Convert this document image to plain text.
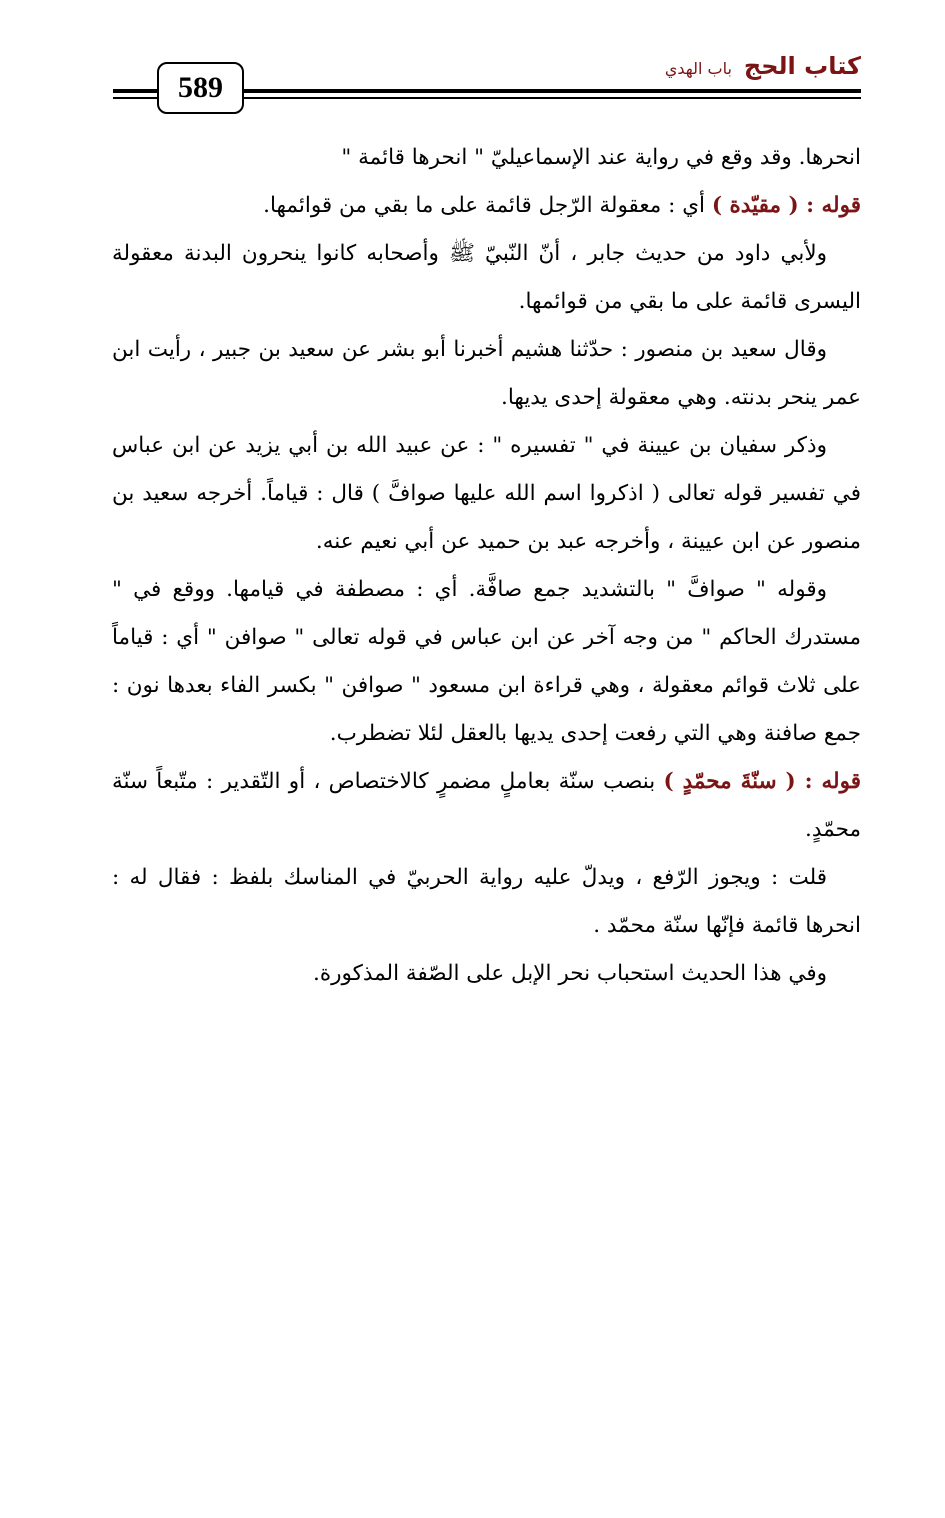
كتاب الحج
باب الهدي
589

انحرها. وقد وقع في رواية عند الإسماعيليّ " انحرها قائمة "

قوله : ( مقيّدة ) أي : معقولة الرّجل قائمة على ما بقي من قوائمها.

ولأبي داود من حديث جابر ، أنّ النّبيّ ﷺ وأصحابه كانوا ينحرون البدنة معقولة اليسرى قائمة على ما بقي من قوائمها.

وقال سعيد بن منصور : حدّثنا هشيم أخبرنا أبو بشر عن سعيد بن جبير ، رأيت ابن عمر ينحر بدنته. وهي معقولة إحدى يديها.

وذكر سفيان بن عيينة في " تفسيره " : عن عبيد الله بن أبي يزيد عن ابن عباس في تفسير قوله تعالى ( اذكروا اسم الله عليها صوافَّ ) قال : قياماً. أخرجه سعيد بن منصور عن ابن عيينة ، وأخرجه عبد بن حميد عن أبي نعيم عنه.

وقوله " صوافَّ " بالتشديد جمع صافَّة. أي : مصطفة في قيامها. ووقع في " مستدرك الحاكم " من وجه آخر عن ابن عباس في قوله تعالى " صوافن " أي : قياماً على ثلاث قوائم معقولة ، وهي قراءة ابن مسعود " صوافن " بكسر الفاء بعدها نون : جمع صافنة وهي التي رفعت إحدى يديها بالعقل لئلا تضطرب.

قوله : ( سنّةَ محمّدٍ ) بنصب سنّة بعاملٍ مضمرٍ كالاختصاص ، أو التّقدير : متّبعاً سنّة محمّدٍ.

قلت : ويجوز الرّفع ، ويدلّ عليه رواية الحربيّ في المناسك بلفظ : فقال له : انحرها قائمة فإنّها سنّة محمّد .

وفي هذا الحديث استحباب نحر الإبل على الصّفة المذكورة.
